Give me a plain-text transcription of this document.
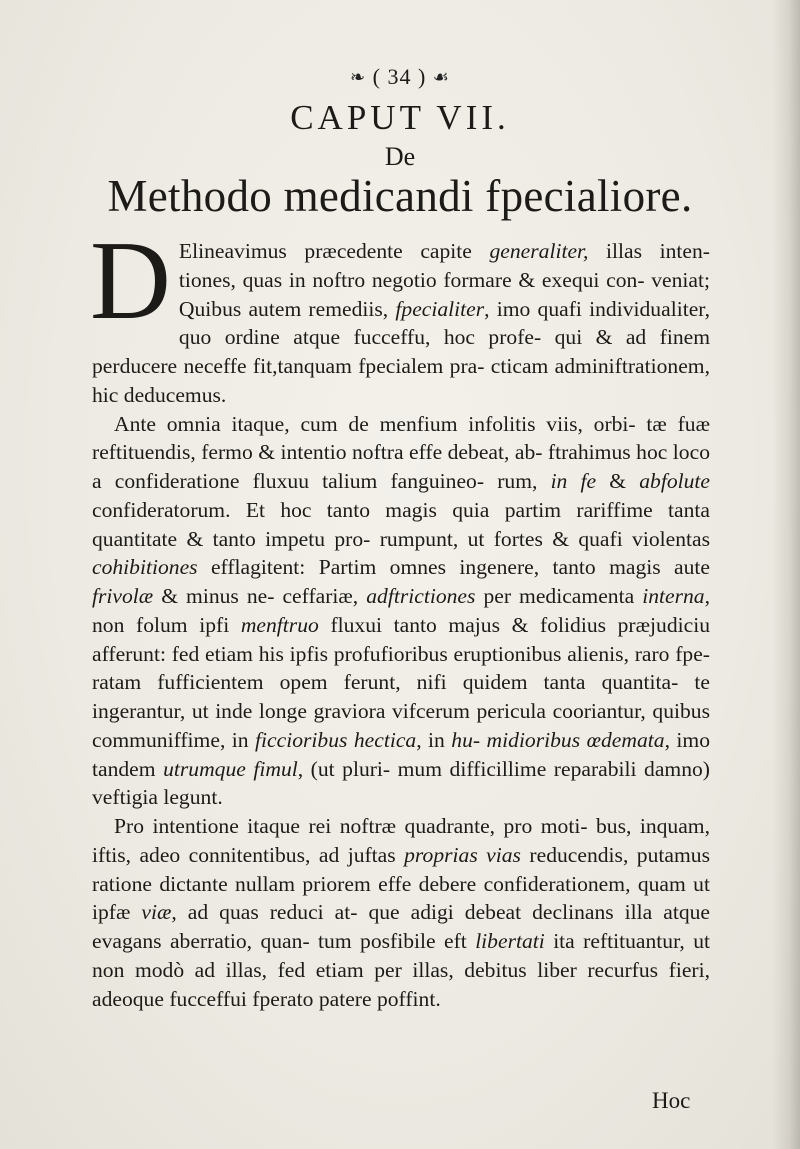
❧ ( 34 ) ☙
CAPUT VII.
De
Methodo medicandi fpecialiore.

D Elineavimus præcedente capite generaliter, illas inten- tiones, quas in noftro negotio formare & exequi con- veniat; Quibus autem remediis, fpecialiter, imo quafi individualiter, quo ordine atque fucceffu, hoc profe- qui & ad finem perducere neceffe fit,tanquam fpecialem pra- cticam adminiftrationem, hic deducemus.

Ante omnia itaque, cum de menfium infolitis viis, orbi- tæ fuæ reftituendis, fermo & intentio noftra effe debeat, ab- ftrahimus hoc loco a confideratione fluxuu talium fanguineo- rum, in fe & abfolute confideratorum. Et hoc tanto magis quia partim rariffime tanta quantitate & tanto impetu pro- rumpunt, ut fortes & quafi violentas cohibitiones efflagitent: Partim omnes ingenere, tanto magis aute frivolæ & minus ne- ceffariæ, adftrictiones per medicamenta interna, non folum ipfi menftruo fluxui tanto majus & folidius præjudiciu afferunt: fed etiam his ipfis profufioribus eruptionibus alienis, raro fpe- ratam fufficientem opem ferunt, nifi quidem tanta quantita- te ingerantur, ut inde longe graviora vifcerum pericula cooriantur, quibus communiffime, in ficcioribus hectica, in hu- midioribus œdemata, imo tandem utrumque fimul, (ut pluri- mum difficillime reparabili damno) veftigia legunt.

Pro intentione itaque rei noftræ quadrante, pro moti- bus, inquam, iftis, adeo connitentibus, ad juftas proprias vias reducendis, putamus ratione dictante nullam priorem effe debere confiderationem, quam ut ipfæ viæ, ad quas reduci at- que adigi debeat declinans illa atque evagans aberratio, quan- tum posfibile eft libertati ita reftituantur, ut non modò ad illas, fed etiam per illas, debitus liber recurfus fieri, adeoque fucceffui fperato patere poffint.

Hoc
